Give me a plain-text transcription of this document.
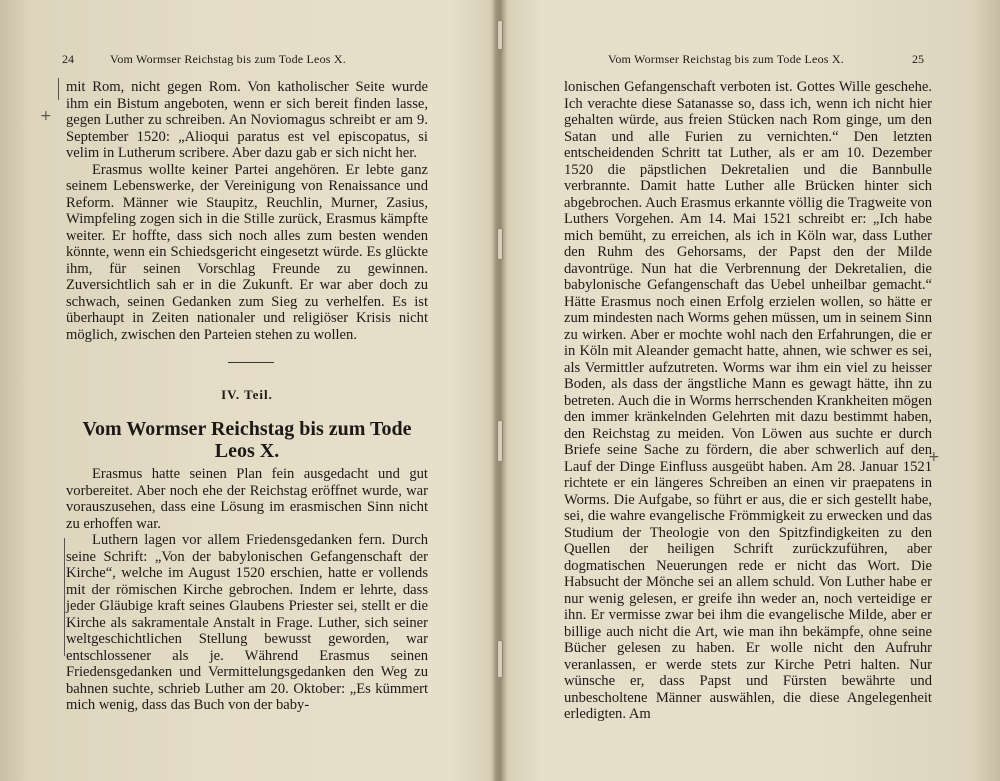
24	Vom Wormser Reichstag bis zum Tode Leos X.
+

mit Rom, nicht gegen Rom. Von katholischer Seite wurde ihm ein Bistum angeboten, wenn er sich bereit finden lasse, gegen Luther zu schreiben. An Noviomagus schreibt er am 9. September 1520: „Alioqui paratus est vel episcopatus, si velim in Lutherum scribere. Aber dazu gab er sich nicht her.

Erasmus wollte keiner Partei angehören. Er lebte ganz seinem Lebenswerke, der Vereinigung von Renaissance und Reform. Männer wie Staupitz, Reuchlin, Murner, Zasius, Wimpfeling zogen sich in die Stille zurück, Erasmus kämpfte weiter. Er hoffte, dass sich noch alles zum besten wenden könnte, wenn ein Schiedsgericht eingesetzt würde. Es glückte ihm, für seinen Vorschlag Freunde zu gewinnen. Zuversichtlich sah er in die Zukunft. Er war aber doch zu schwach, seinen Gedanken zum Sieg zu verhelfen. Es ist überhaupt in Zeiten nationaler und religiöser Krisis nicht möglich, zwischen den Parteien stehen zu wollen.

IV. Teil.
Vom Wormser Reichstag bis zum Tode Leos X.

Erasmus hatte seinen Plan fein ausgedacht und gut vorbereitet. Aber noch ehe der Reichstag eröffnet wurde, war vorauszusehen, dass eine Lösung im erasmischen Sinn nicht zu erhoffen war.

Luthern lagen vor allem Friedensgedanken fern. Durch seine Schrift: „Von der babylonischen Gefangenschaft der Kirche“, welche im August 1520 erschien, hatte er vollends mit der römischen Kirche gebrochen. Indem er lehrte, dass jeder Gläubige kraft seines Glaubens Priester sei, stellt er die Kirche als sakramentale Anstalt in Frage. Luther, sich seiner weltgeschichtlichen Stellung bewusst geworden, war entschlossener als je. Während Erasmus seinen Friedensgedanken und Vermittelungsgedanken den Weg zu bahnen suchte, schrieb Luther am 20. Oktober: „Es kümmert mich wenig, dass das Buch von der baby-

Vom Wormser Reichstag bis zum Tode Leos X.	25

lonischen Gefangenschaft verboten ist. Gottes Wille geschehe. Ich verachte diese Satanasse so, dass ich, wenn ich nicht hier gehalten würde, aus freien Stücken nach Rom ginge, um den Satan und alle Furien zu vernichten.“ Den letzten entscheidenden Schritt tat Luther, als er am 10. Dezember 1520 die päpstlichen Dekretalien und die Bannbulle verbrannte. Damit hatte Luther alle Brücken hinter sich abgebrochen. Auch Erasmus erkannte völlig die Tragweite von Luthers Vorgehen. Am 14. Mai 1521 schreibt er: „Ich habe mich bemüht, zu erreichen, als ich in Köln war, dass Luther den Ruhm des Gehorsams, der Papst den der Milde davontrüge. Nun hat die Verbrennung der Dekretalien, die babylonische Gefangenschaft das Uebel unheilbar gemacht.“ Hätte Erasmus noch einen Erfolg erzielen wollen, so hätte er zum mindesten nach Worms gehen müssen, um in seinem Sinn zu wirken. Aber er mochte wohl nach den Erfahrungen, die er in Köln mit Aleander gemacht hatte, ahnen, wie schwer es sei, als Vermittler aufzutreten. Worms war ihm ein viel zu heisser Boden, als dass der ängstliche Mann es gewagt hätte, ihn zu betreten. Auch die in Worms herrschenden Krankheiten mögen den immer kränkelnden Gelehrten mit dazu bestimmt haben, den Reichstag zu meiden. Von Löwen aus suchte er durch Briefe seine Sache zu fördern, die aber schwerlich auf den Lauf der Dinge Einfluss ausgeübt haben. Am 28. Januar 1521 richtete er ein längeres Schreiben an einen vir praepatens in Worms. Die Aufgabe, so führt er aus, die er sich gestellt habe, sei, die wahre evangelische Frömmigkeit zu erwecken und das Studium der Theologie von den Spitzfindigkeiten zu den Quellen der heiligen Schrift zurückzuführen, aber dogmatischen Neuerungen rede er nicht das Wort. Die Habsucht der Mönche sei an allem schuld. Von Luther habe er nur wenig gelesen, er greife ihn weder an, noch verteidige er ihn. Er vermisse zwar bei ihm die evangelische Milde, aber er billige auch nicht die Art, wie man ihn bekämpfe, ohne seine Bücher gelesen zu haben. Er wolle nicht den Aufruhr veranlassen, er werde stets zur Kirche Petri halten. Nur wünsche er, dass Papst und Fürsten bewährte und unbescholtene Männer auswählen, die diese Angelegenheit erledigten. Am

+
